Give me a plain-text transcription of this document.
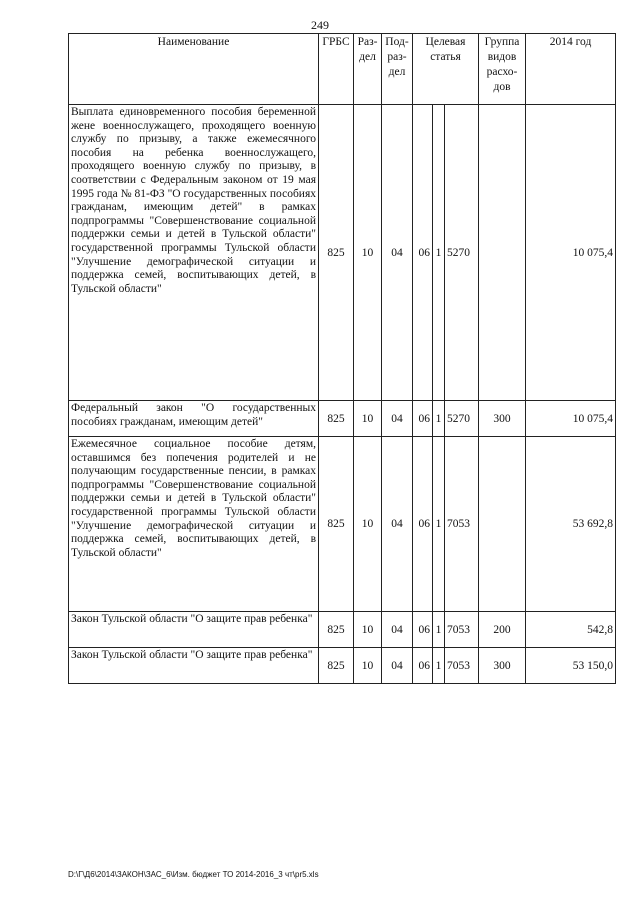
249
Наименование	ГРБС	Раз-дел	Под-раз-дел	Целевая статья			Группа видов расхо-дов	2014 год
Выплата единовременного пособия беременной жене военнослужащего, проходящего военную службу по призыву, а также ежемесячного пособия на ребенка военнослужащего, проходящего военную службу по призыву, в соответствии с Федеральным законом от 19 мая 1995 года № 81-ФЗ "О государственных пособиях гражданам, имеющим детей" в рамках подпрограммы "Совершенствование социальной поддержки семьи и детей в Тульской области" государственной программы Тульской области "Улучшение демографической ситуации и поддержка семей, воспитывающих детей, в Тульской области"	825	10	04	06	1	5270		10 075,4
Федеральный закон "О государственных пособиях гражданам, имеющим детей"	825	10	04	06	1	5270	300	10 075,4
Ежемесячное социальное пособие детям, оставшимся без попечения родителей и не получающим государственные пенсии, в рамках подпрограммы "Совершенствование социальной поддержки семьи и детей в Тульской области" государственной программы Тульской области "Улучшение демографической ситуации и поддержка семей, воспитывающих детей, в Тульской области"	825	10	04	06	1	7053		53 692,8
Закон Тульской области "О защите прав ребенка"	825	10	04	06	1	7053	200	542,8
Закон Тульской области "О защите прав ребенка"	825	10	04	06	1	7053	300	53 150,0
D:\Г\Д6\2014\ЗАКОН\ЗАС_6\Изм. бюджет ТО 2014-2016_3 чт\pr5.xls
